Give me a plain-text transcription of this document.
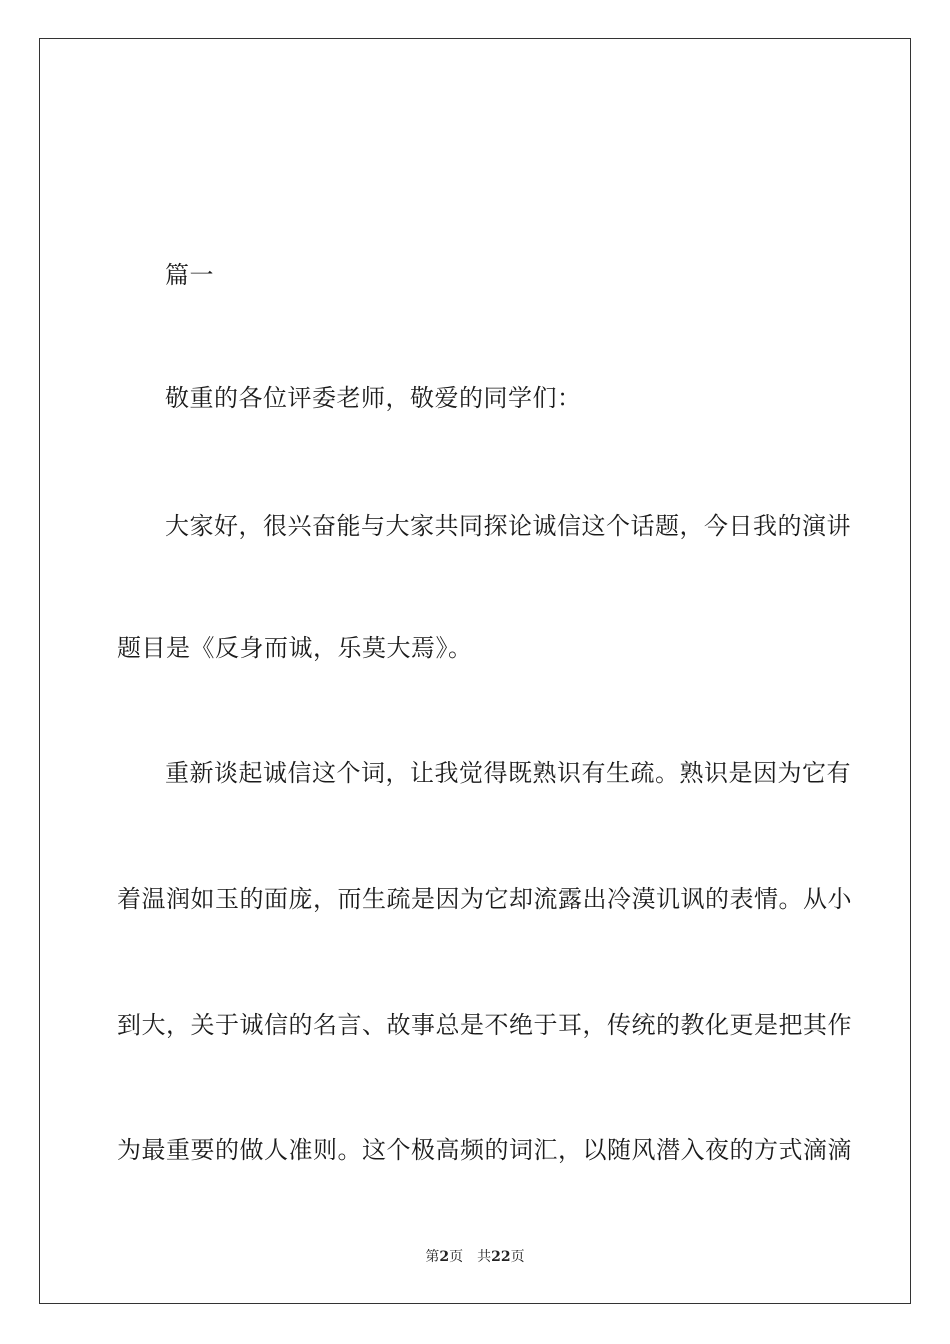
篇一
敬重的各位评委老师，敬爱的同学们：
大家好，很兴奋能与大家共同探论诚信这个话题，今日我的演讲
题目是《反身而诚，乐莫大焉》。
重新谈起诚信这个词，让我觉得既熟识有生疏。熟识是因为它有
着温润如玉的面庞，而生疏是因为它却流露出冷漠讥讽的表情。从小
到大，关于诚信的名言、故事总是不绝于耳，传统的教化更是把其作
为最重要的做人准则。这个极高频的词汇，以随风潜入夜的方式滴滴
第2页 共22页
